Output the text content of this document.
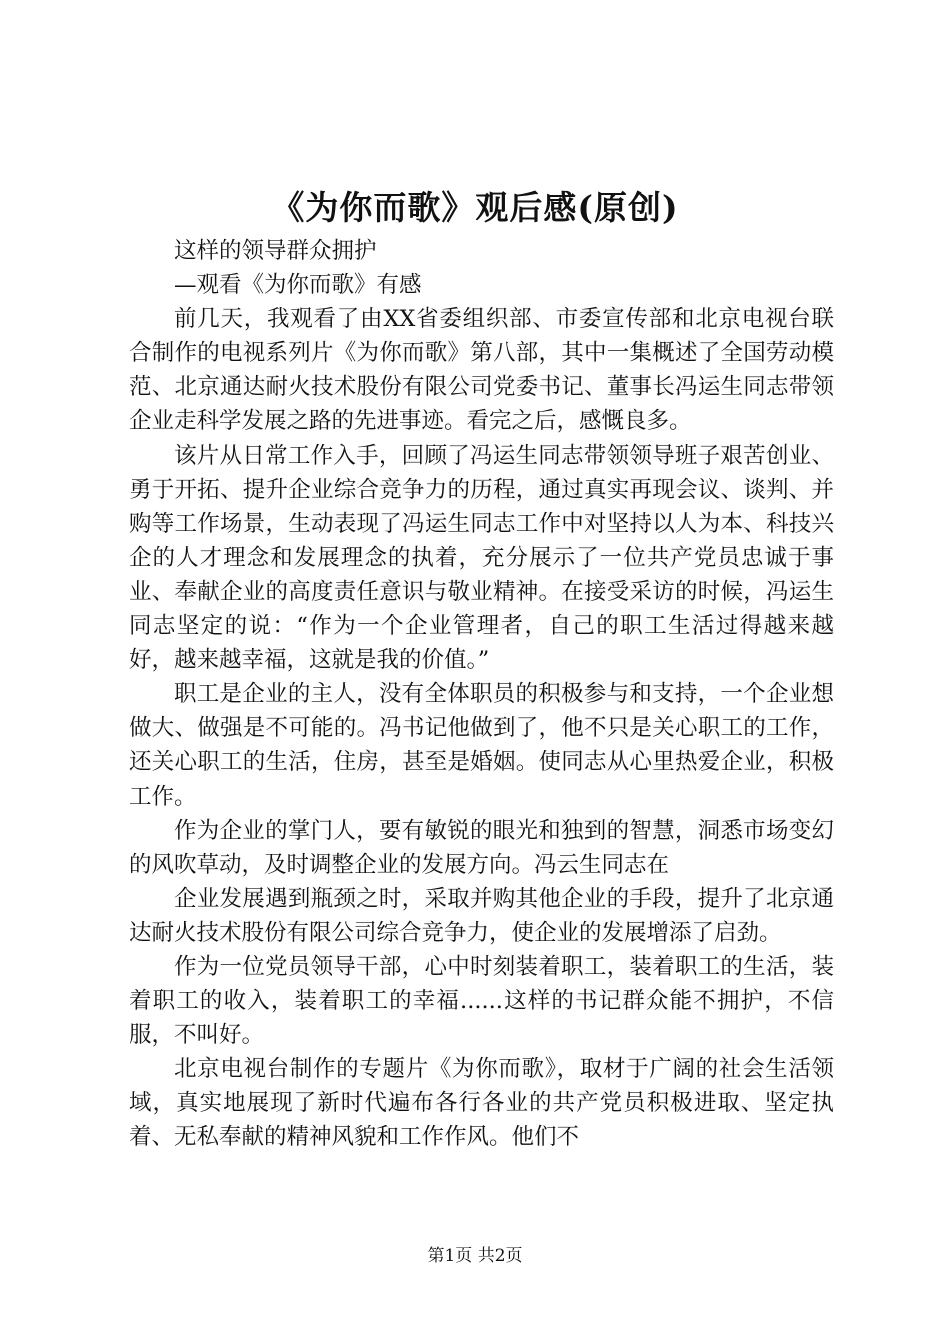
《为你而歌》观后感(原创)

这样的领导群众拥护

—观看《为你而歌》有感

前几天，我观看了由XX省委组织部、市委宣传部和北京电视台联合制作的电视系列片《为你而歌》第八部，其中一集概述了全国劳动模范、北京通达耐火技术股份有限公司党委书记、董事长冯运生同志带领企业走科学发展之路的先进事迹。看完之后，感慨良多。

该片从日常工作入手，回顾了冯运生同志带领领导班子艰苦创业、勇于开拓、提升企业综合竞争力的历程，通过真实再现会议、谈判、并购等工作场景，生动表现了冯运生同志工作中对坚持以人为本、科技兴企的人才理念和发展理念的执着，充分展示了一位共产党员忠诚于事业、奉献企业的高度责任意识与敬业精神。在接受采访的时候，冯运生同志坚定的说：“作为一个企业管理者，自己的职工生活过得越来越好，越来越幸福，这就是我的价值。”

职工是企业的主人，没有全体职员的积极参与和支持，一个企业想做大、做强是不可能的。冯书记他做到了，他不只是关心职工的工作，还关心职工的生活，住房，甚至是婚姻。使同志从心里热爱企业，积极工作。

作为企业的掌门人，要有敏锐的眼光和独到的智慧，洞悉市场变幻的风吹草动，及时调整企业的发展方向。冯云生同志在

企业发展遇到瓶颈之时，采取并购其他企业的手段，提升了北京通达耐火技术股份有限公司综合竞争力，使企业的发展增添了启劲。

作为一位党员领导干部，心中时刻装着职工，装着职工的生活，装着职工的收入，装着职工的幸福......这样的书记群众能不拥护，不信服，不叫好。

北京电视台制作的专题片《为你而歌》，取材于广阔的社会生活领域，真实地展现了新时代遍布各行各业的共产党员积极进取、坚定执着、无私奉献的精神风貌和工作作风。他们不

第1页 共2页
